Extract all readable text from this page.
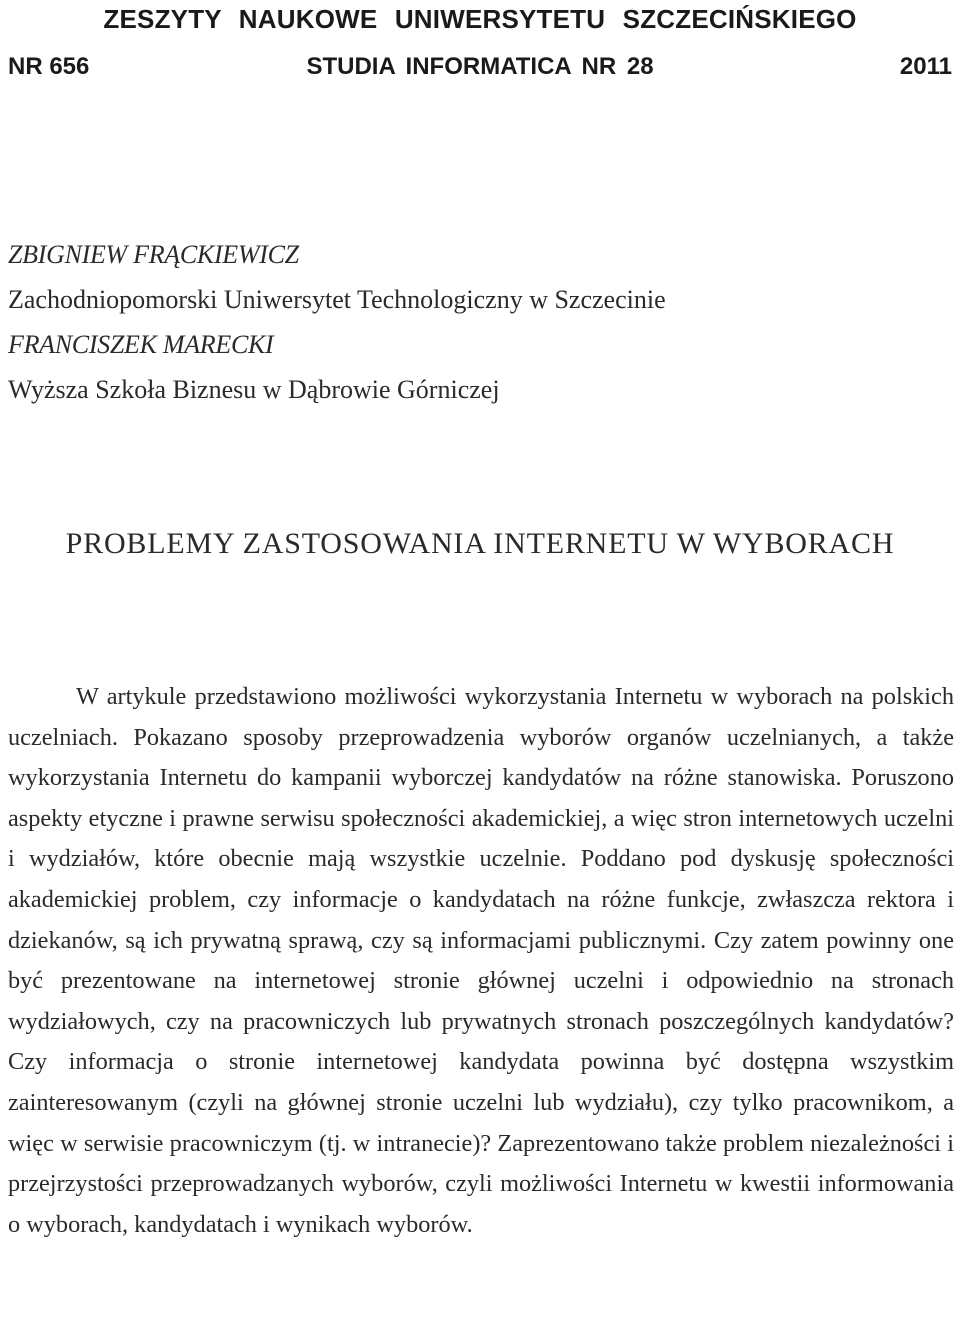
ZESZYTY NAUKOWE UNIWERSYTETU SZCZECIŃSKIEGO
STUDIA INFORMATICA NR 28
NR 656	2011
ZBIGNIEW FRĄCKIEWICZ
Zachodniopomorski Uniwersytet Technologiczny w Szczecinie
FRANCISZEK MARECKI
Wyższa Szkoła Biznesu w Dąbrowie Górniczej
PROBLEMY ZASTOSOWANIA INTERNETU W WYBORACH

W artykule przedstawiono możliwości wykorzystania Internetu w wyborach na polskich uczelniach. Pokazano sposoby przeprowadzenia wyborów organów uczelnianych, a także wykorzystania Internetu do kampanii wyborczej kandydatów na różne stanowiska. Poruszono aspekty etyczne i prawne serwisu społeczności akademickiej, a więc stron internetowych uczelni i wydziałów, które obecnie mają wszystkie uczelnie. Poddano pod dyskusję społeczności akademickiej problem, czy informacje o kandydatach na różne funkcje, zwłaszcza rektora i dziekanów, są ich prywatną sprawą, czy są informacjami publicznymi. Czy zatem powinny one być prezentowane na internetowej stronie głównej uczelni i odpowiednio na stronach wydziałowych, czy na pracowniczych lub prywatnych stronach poszczególnych kandydatów? Czy informacja o stronie internetowej kandydata powinna być dostępna wszystkim zainteresowanym (czyli na głównej stronie uczelni lub wydziału), czy tylko pracownikom, a więc w serwisie pracowniczym (tj. w intranecie)? Zaprezentowano także problem niezależności i przejrzystości przeprowadzanych wyborów, czyli możliwości Internetu w kwestii informowania o wyborach, kandydatach i wynikach wyborów.
